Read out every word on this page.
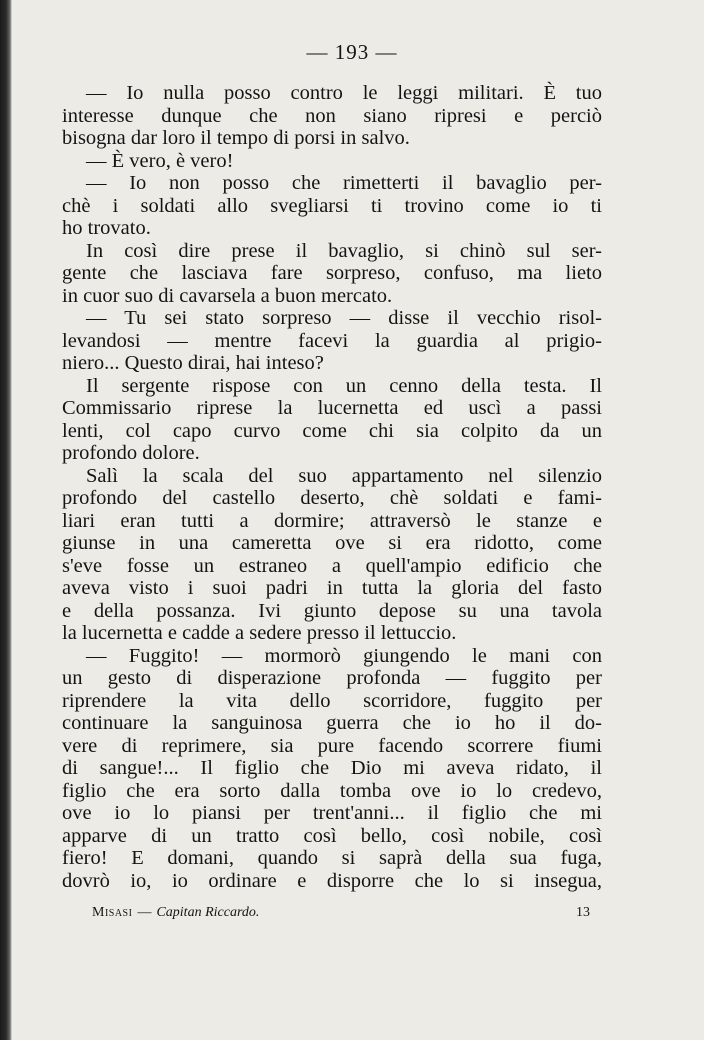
— 193 —
— Io nulla posso contro le leggi militari. È tuo
interesse dunque che non siano ripresi e perciò
bisogna dar loro il tempo di porsi in salvo.
— È vero, è vero!
— Io non posso che rimetterti il bavaglio per-
chè i soldati allo svegliarsi ti trovino come io ti
ho trovato.
In così dire prese il bavaglio, si chinò sul ser-
gente che lasciava fare sorpreso, confuso, ma lieto
in cuor suo di cavarsela a buon mercato.
— Tu sei stato sorpreso — disse il vecchio risol-
levandosi — mentre facevi la guardia al prigio-
niero... Questo dirai, hai inteso?
Il sergente rispose con un cenno della testa. Il
Commissario riprese la lucernetta ed uscì a passi
lenti, col capo curvo come chi sia colpito da un
profondo dolore.
Salì la scala del suo appartamento nel silenzio
profondo del castello deserto, chè soldati e fami-
liari eran tutti a dormire; attraversò le stanze e
giunse in una cameretta ove si era ridotto, come
s'eve fosse un estraneo a quell'ampio edificio che
aveva visto i suoi padri in tutta la gloria del fasto
e della possanza. Ivi giunto depose su una tavola
la lucernetta e cadde a sedere presso il lettuccio.
— Fuggito! — mormorò giungendo le mani con
un gesto di disperazione profonda — fuggito per
riprendere la vita dello scorridore, fuggito per
continuare la sanguinosa guerra che io ho il do-
vere di reprimere, sia pure facendo scorrere fiumi
di sangue!... Il figlio che Dio mi aveva ridato, il
figlio che era sorto dalla tomba ove io lo credevo,
ove io lo piansi per trent'anni... il figlio che mi
apparve di un tratto così bello, così nobile, così
fiero! E domani, quando si saprà della sua fuga,
dovrò io, io ordinare e disporre che lo si insegua,
Misasi — Capitan Riccardo.	13
